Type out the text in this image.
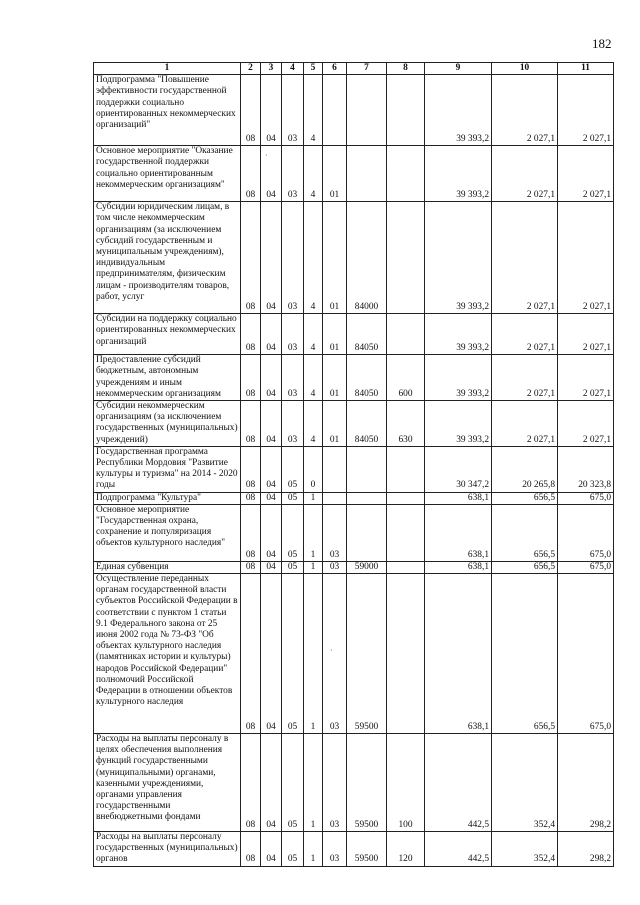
182
1	2	3	4	5	6	7	8	9	10	11
Подпрограмма "Повышение эффективности государственной поддержки социально ориентированных некоммерческих организаций"	08	04	03	4				39 393,2	2 027,1	2 027,1
Основное мероприятие "Оказание государственной поддержки социально ориентированным некоммерческим организациям"	08	04	03	4	01			39 393,2	2 027,1	2 027,1
Субсидии юридическим лицам, в том числе некоммерческим организациям (за исключением субсидий государственным и муниципальным учреждениям), индивидуальным предпринимателям, физическим лицам - производителям товаров, работ, услуг	08	04	03	4	01	84000		39 393,2	2 027,1	2 027,1
Субсидии на поддержку социально ориентированных некоммерческих организаций	08	04	03	4	01	84050		39 393,2	2 027,1	2 027,1
Предоставление субсидий бюджетным, автономным учреждениям и иным некоммерческим организациям	08	04	03	4	01	84050	600	39 393,2	2 027,1	2 027,1
Субсидии некоммерческим организациям (за исключением государственных (муниципальных) учреждений)	08	04	03	4	01	84050	630	39 393,2	2 027,1	2 027,1
Государственная программа Республики Мордовия "Развитие культуры и туризма" на 2014 - 2020 годы	08	04	05	0				30 347,2	20 265,8	20 323,8
Подпрограмма "Культура"	08	04	05	1				638,1	656,5	675,0
Основное мероприятие "Государственная охрана, сохранение и популяризация объектов культурного наследия"	08	04	05	1	03			638,1	656,5	675,0
Единая субвенция	08	04	05	1	03	59000		638,1	656,5	675,0
Осуществление переданных органам государственной власти субъектов Российской Федерации в соответствии с пунктом 1 статьи 9.1 Федерального закона от 25 июня 2002 года № 73-ФЗ "Об объектах культурного наследия (памятниках истории и культуры) народов Российской Федерации" полномочий Российской Федерации в отношении объектов культурного наследия	08	04	05	1	03	59500		638,1	656,5	675,0
Расходы на выплаты персоналу в целях обеспечения выполнения функций государственными (муниципальными) органами, казенными учреждениями, органами управления государственными внебюджетными фондами	08	04	05	1	03	59500	100	442,5	352,4	298,2
Расходы на выплаты персоналу государственных (муниципальных) органов	08	04	05	1	03	59500	120	442,5	352,4	298,2
·
·
·
